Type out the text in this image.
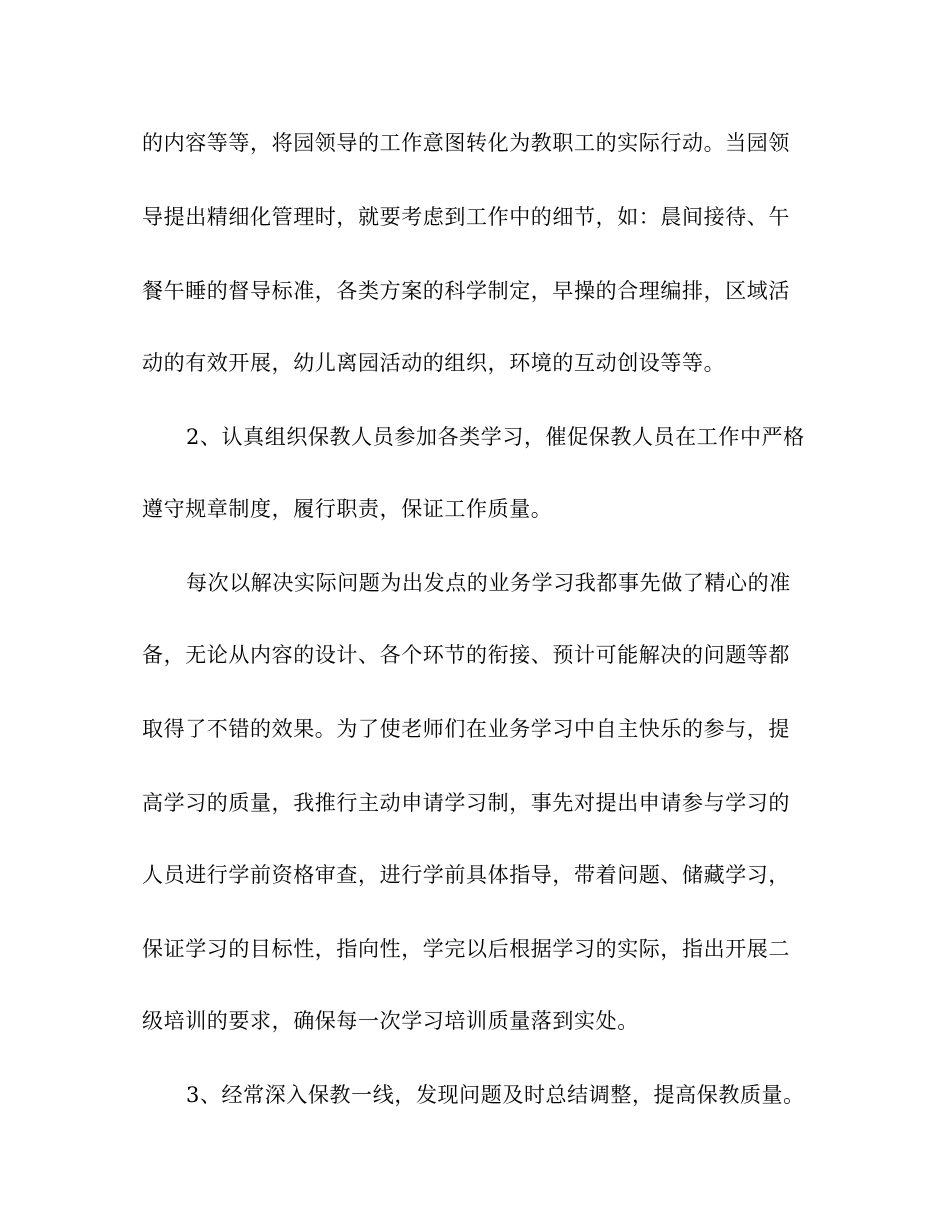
的内容等等，将园领导的工作意图转化为教职工的实际行动。当园领
导提出精细化管理时，就要考虑到工作中的细节，如：晨间接待、午
餐午睡的督导标准，各类方案的科学制定，早操的合理编排，区域活
动的有效开展，幼儿离园活动的组织，环境的互动创设等等。
2、认真组织保教人员参加各类学习，催促保教人员在工作中严格
遵守规章制度，履行职责，保证工作质量。
每次以解决实际问题为出发点的业务学习我都事先做了精心的准
备，无论从内容的设计、各个环节的衔接、预计可能解决的问题等都
取得了不错的效果。为了使老师们在业务学习中自主快乐的参与，提
高学习的质量，我推行主动申请学习制，事先对提出申请参与学习的
人员进行学前资格审查，进行学前具体指导，带着问题、储藏学习，
保证学习的目标性，指向性，学完以后根据学习的实际，指出开展二
级培训的要求，确保每一次学习培训质量落到实处。
3、经常深入保教一线，发现问题及时总结调整，提高保教质量。
